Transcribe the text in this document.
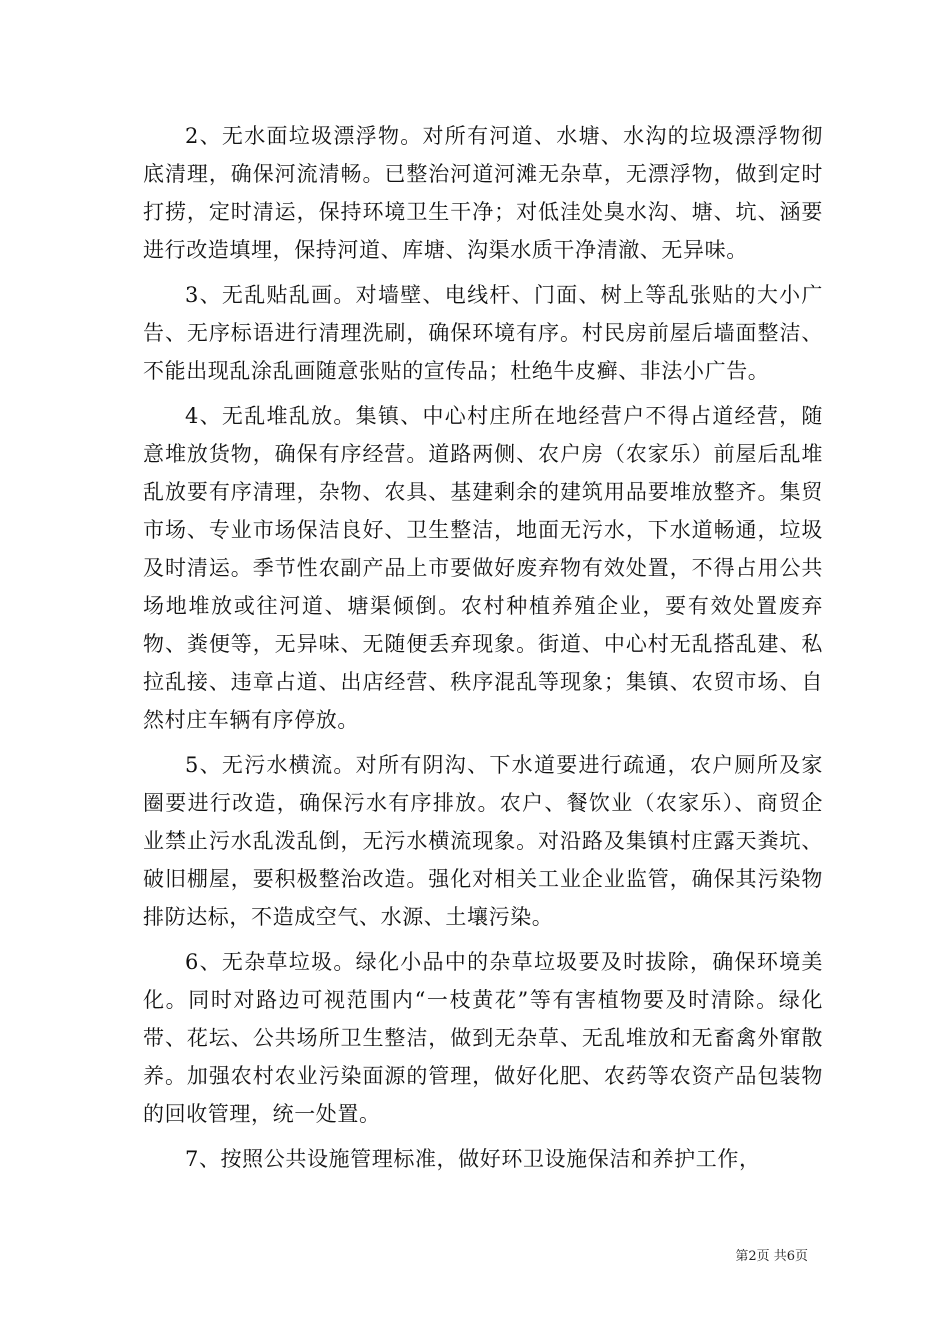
2、无水面垃圾漂浮物。对所有河道、水塘、水沟的垃圾漂浮物彻底清理，确保河流清畅。已整治河道河滩无杂草，无漂浮物，做到定时打捞，定时清运，保持环境卫生干净；对低洼处臭水沟、塘、坑、涵要进行改造填埋，保持河道、库塘、沟渠水质干净清澈、无异味。

3、无乱贴乱画。对墙壁、电线杆、门面、树上等乱张贴的大小广告、无序标语进行清理洗刷，确保环境有序。村民房前屋后墙面整洁、不能出现乱涂乱画随意张贴的宣传品；杜绝牛皮癣、非法小广告。

4、无乱堆乱放。集镇、中心村庄所在地经营户不得占道经营，随意堆放货物，确保有序经营。道路两侧、农户房（农家乐）前屋后乱堆乱放要有序清理，杂物、农具、基建剩余的建筑用品要堆放整齐。集贸市场、专业市场保洁良好、卫生整洁，地面无污水，下水道畅通，垃圾及时清运。季节性农副产品上市要做好废弃物有效处置，不得占用公共场地堆放或往河道、塘渠倾倒。农村种植养殖企业，要有效处置废弃物、粪便等，无异味、无随便丢弃现象。街道、中心村无乱搭乱建、私拉乱接、违章占道、出店经营、秩序混乱等现象；集镇、农贸市场、自然村庄车辆有序停放。

5、无污水横流。对所有阴沟、下水道要进行疏通，农户厕所及家圈要进行改造，确保污水有序排放。农户、餐饮业（农家乐）、商贸企业禁止污水乱泼乱倒，无污水横流现象。对沿路及集镇村庄露天粪坑、破旧棚屋，要积极整治改造。强化对相关工业企业监管，确保其污染物排防达标，不造成空气、水源、土壤污染。

6、无杂草垃圾。绿化小品中的杂草垃圾要及时拔除，确保环境美化。同时对路边可视范围内“一枝黄花”等有害植物要及时清除。绿化带、花坛、公共场所卫生整洁，做到无杂草、无乱堆放和无畜禽外窜散养。加强农村农业污染面源的管理，做好化肥、农药等农资产品包装物的回收管理，统一处置。

7、按照公共设施管理标准，做好环卫设施保洁和养护工作，

第2页 共6页
